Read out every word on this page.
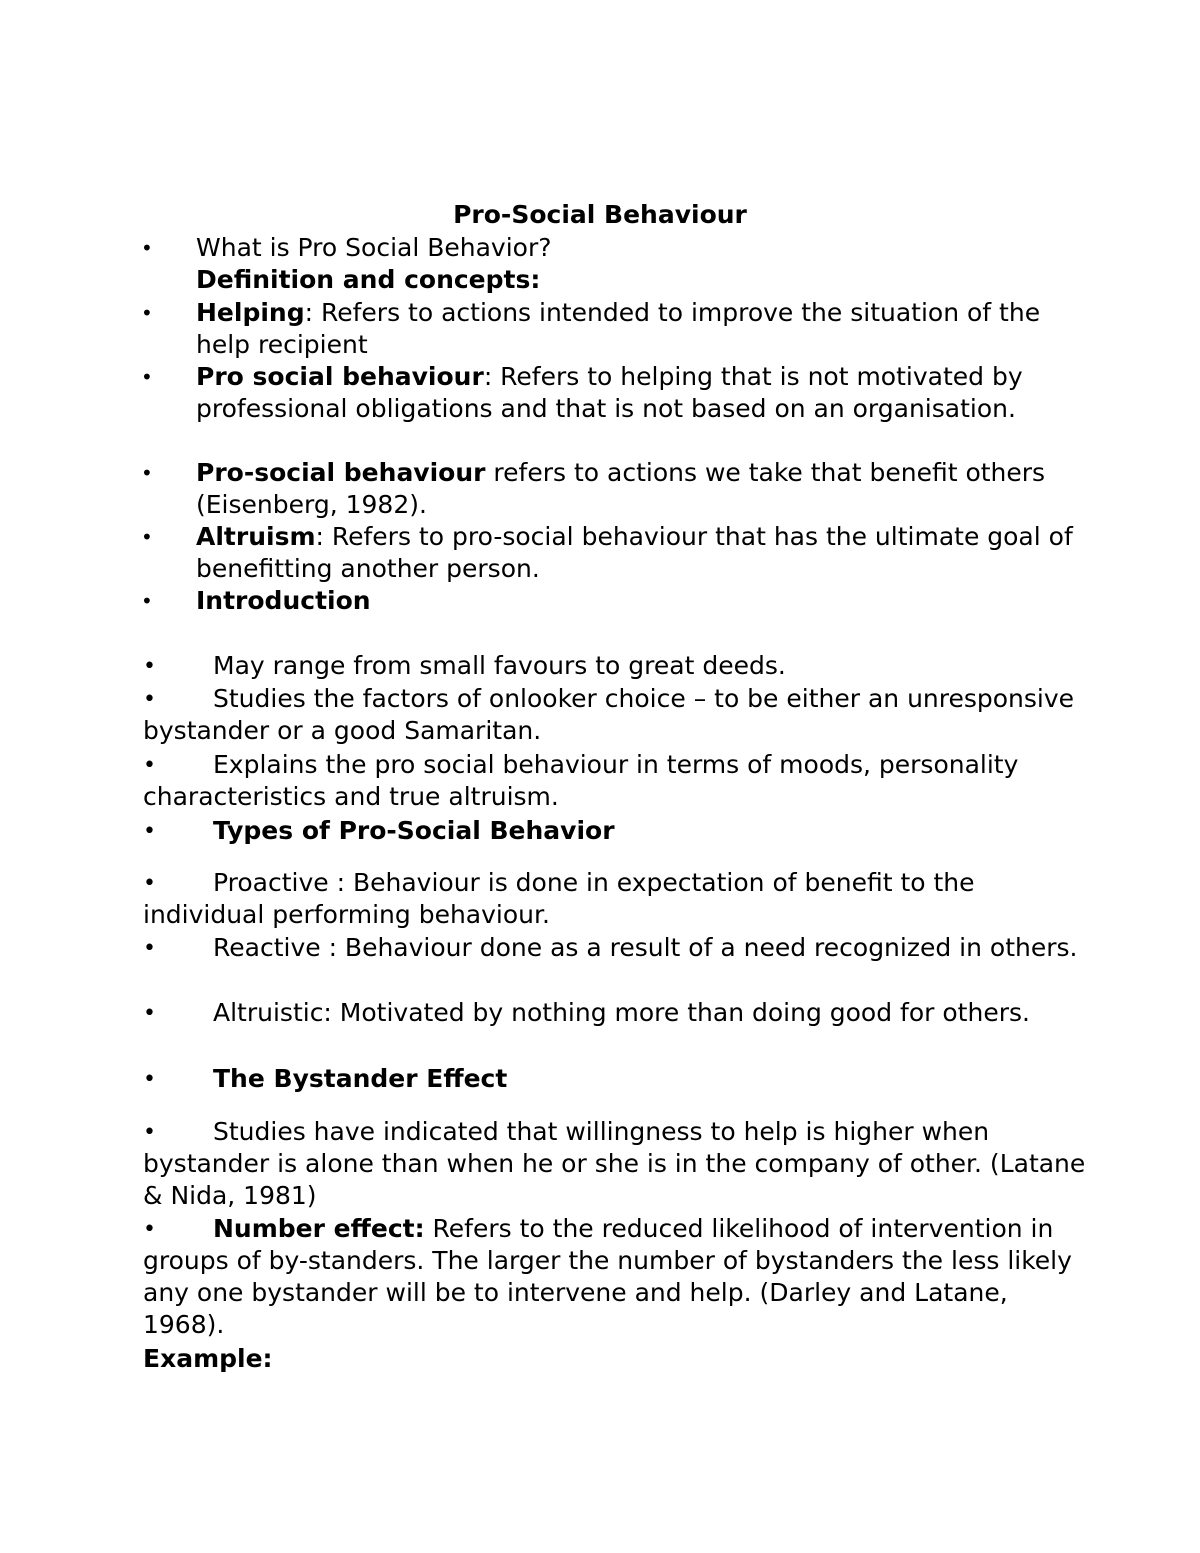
Pro-Social Behaviour
• What is Pro Social Behavior?
Definition and concepts:
• Helping: Refers to actions intended to improve the situation of the help recipient
• Pro social behaviour: Refers to helping that is not motivated by professional obligations and that is not based on an organisation.
• Pro-social behaviour refers to actions we take that benefit others (Eisenberg, 1982).
• Altruism: Refers to pro-social behaviour that has the ultimate goal of benefitting another person.
• Introduction
• May range from small favours to great deeds.
• Studies the factors of onlooker choice – to be either an unresponsive bystander or a good Samaritan.
• Explains the pro social behaviour in terms of moods, personality characteristics and true altruism.
• Types of Pro-Social Behavior
• Proactive : Behaviour is done in expectation of benefit to the individual performing behaviour.
• Reactive : Behaviour done as a result of a need recognized in others.
• Altruistic: Motivated by nothing more than doing good for others.
• The Bystander Effect
• Studies have indicated that willingness to help is higher when bystander is alone than when he or she is in the company of other. (Latane & Nida, 1981)
• Number effect: Refers to the reduced likelihood of intervention in groups of by-standers. The larger the number of bystanders the less likely any one bystander will be to intervene and help. (Darley and Latane, 1968).
Example:
